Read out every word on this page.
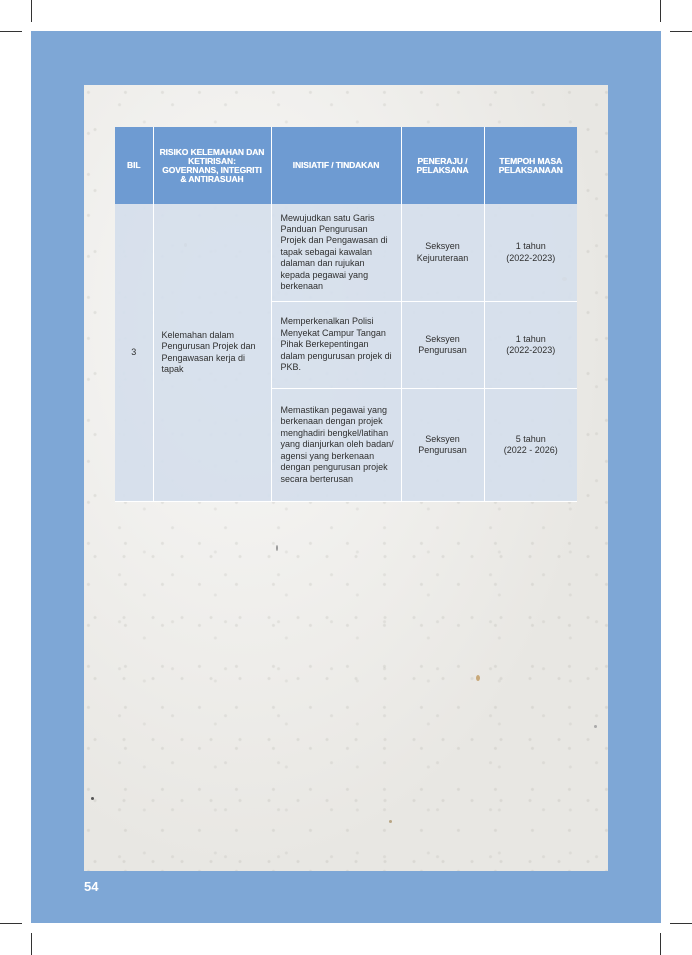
BIL	RISIKO KELEMAHAN DAN KETIRISAN: GOVERNANS, INTEGRITI & ANTIRASUAH	INISIATIF / TINDAKAN	PENERAJU / PELAKSANA	TEMPOH MASA PELAKSANAAN
3	Kelemahan dalam Pengurusan Projek dan Pengawasan kerja di tapak	Mewujudkan satu Garis Panduan Pengurusan Projek dan Pengawasan di tapak sebagai kawalan dalaman dan rujukan kepada pegawai yang berkenaan	Seksyen Kejuruteraan	1 tahun
(2022-2023)

		Memperkenalkan Polisi Menyekat Campur Tangan Pihak Berkepentingan dalam pengurusan projek di PKB.	Seksyen Pengurusan	1 tahun
(2022-2023)

		Memastikan pegawai yang berkenaan dengan projek menghadiri bengkel/latihan yang dianjurkan oleh badan/ agensi yang berkenaan dengan pengurusan projek secara berterusan	Seksyen Pengurusan	5 tahun
(2022 - 2026)
54
